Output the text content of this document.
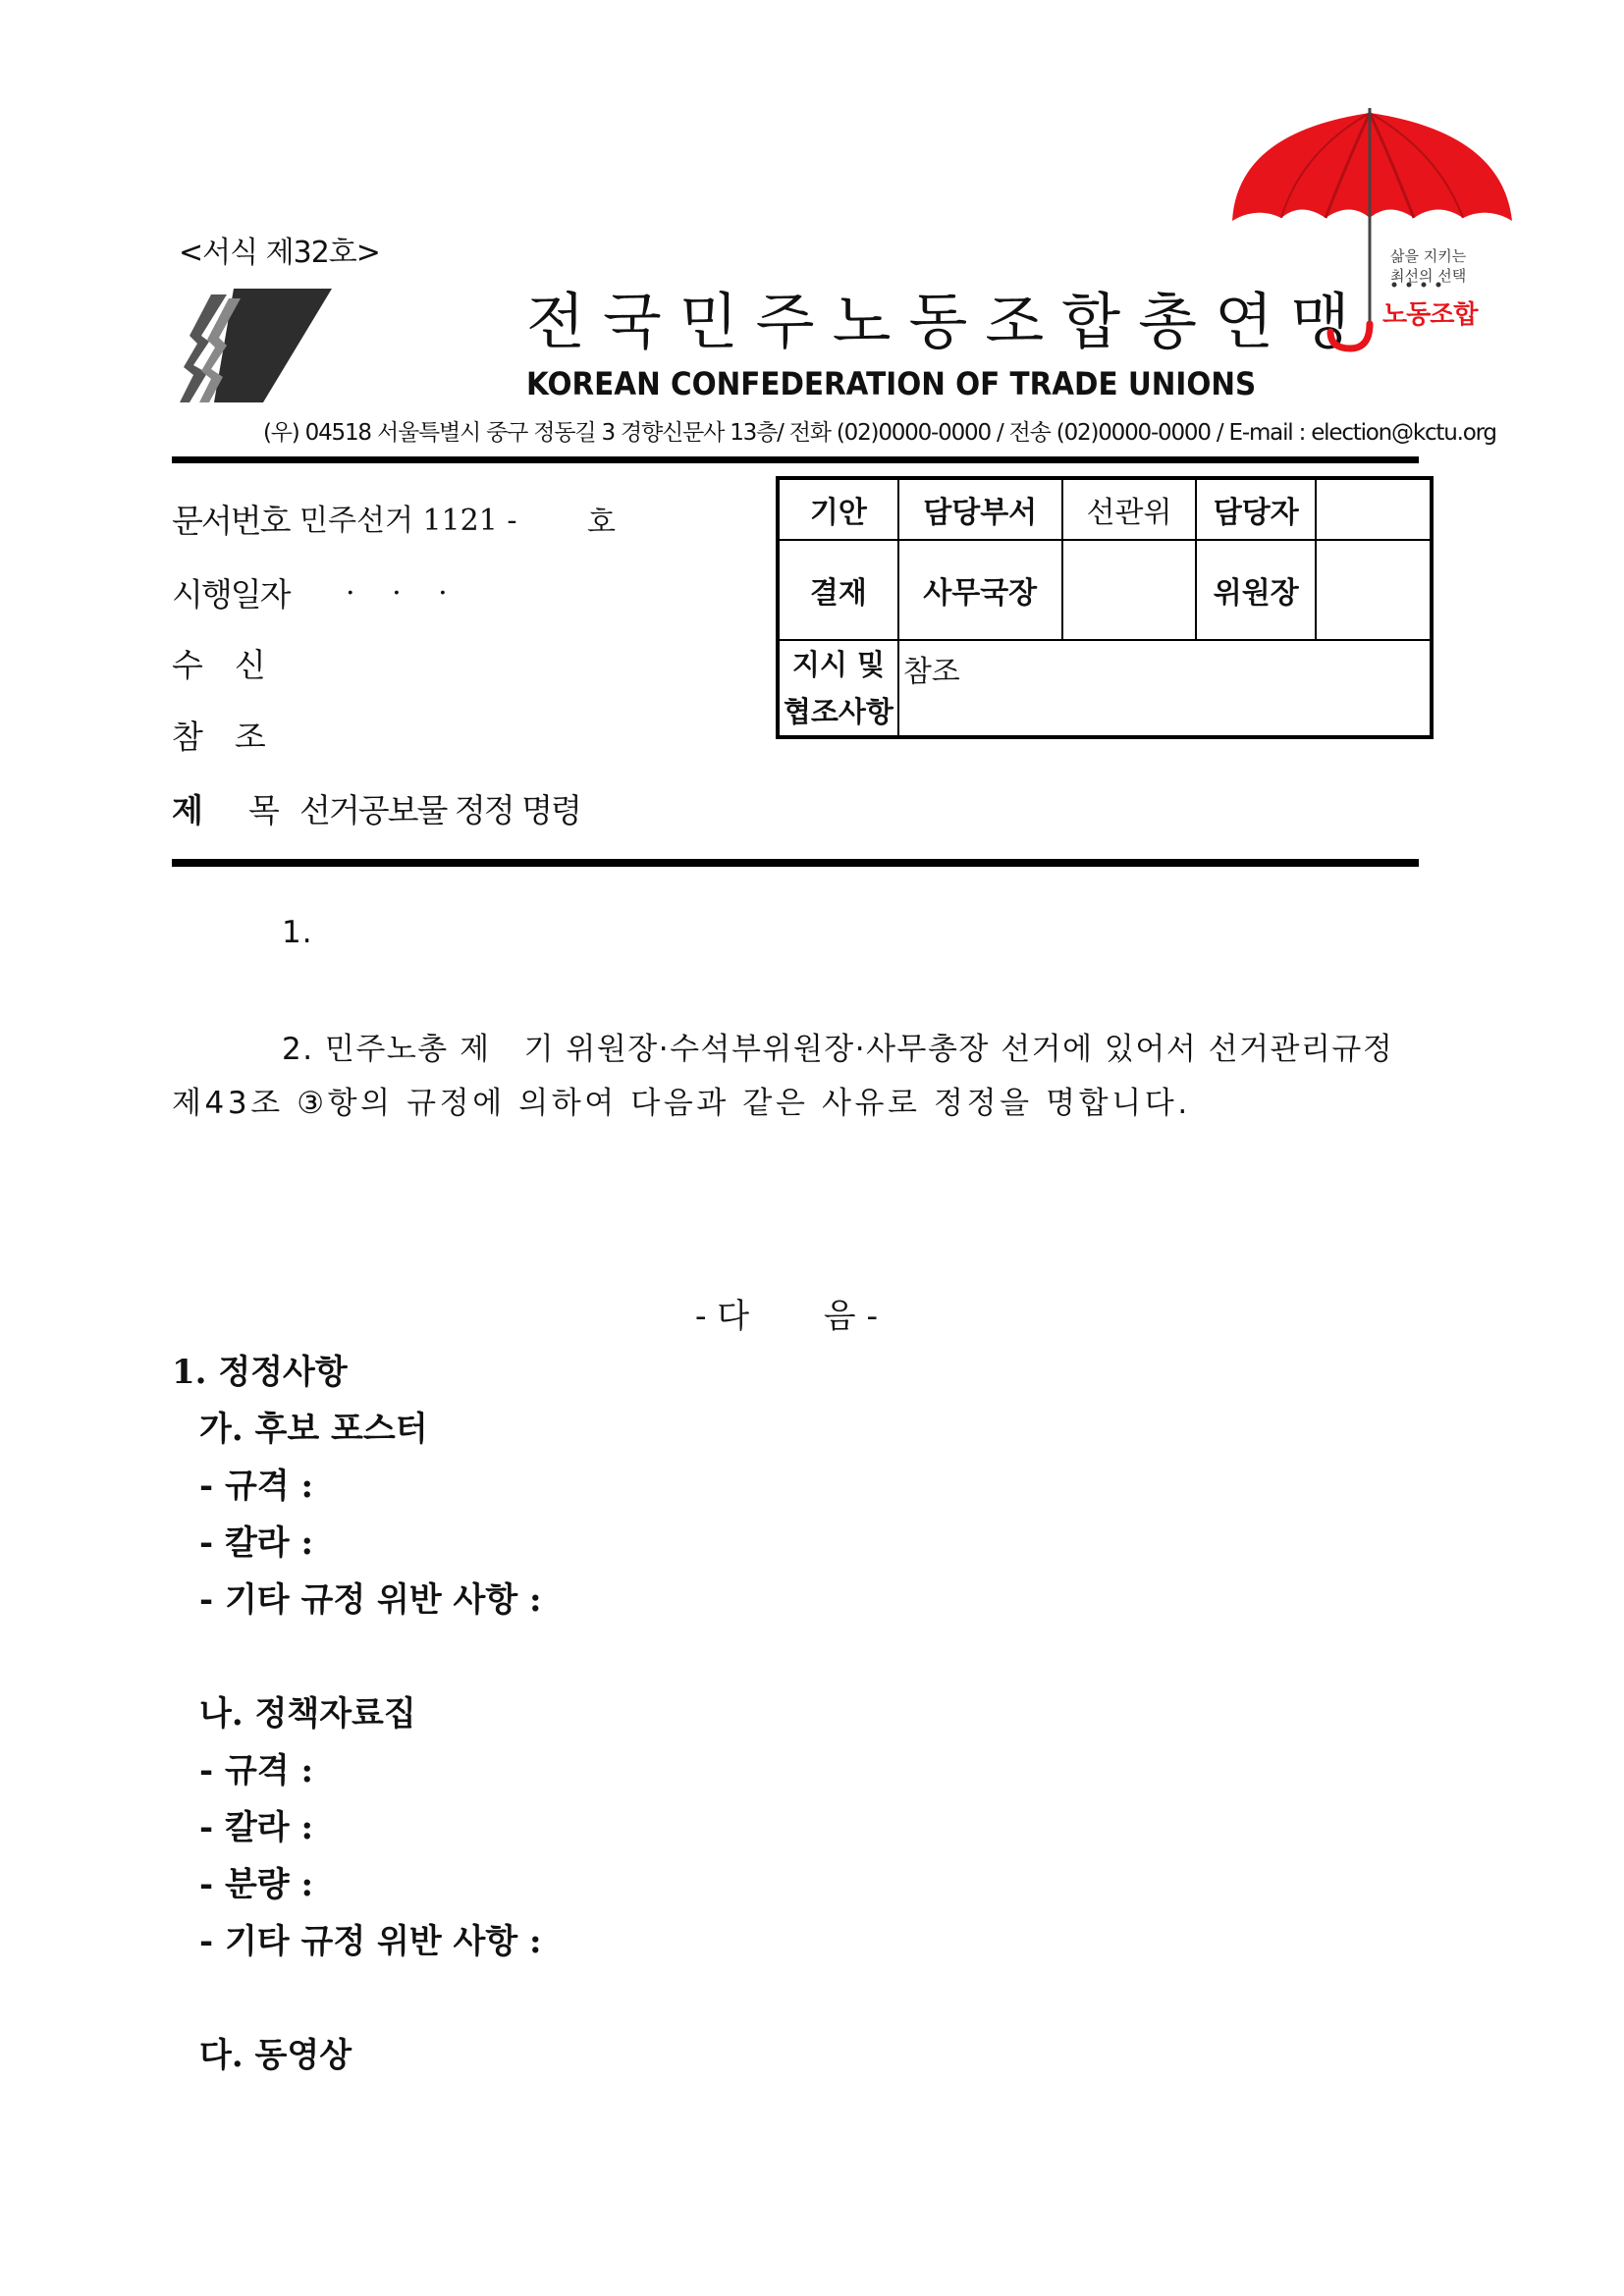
<서식 제32호>
전국민주노동조합총연맹
KOREAN CONFEDERATION OF TRADE UNIONS
(우) 04518 서울특별시 중구 정동길 3 경향신문사 13층/ 전화 (02)0000-0000 / 전송 (02)0000-0000 / E-mail : election@kctu.org
삶을 지키는
최선의 선택
노동조합
문서번호 민주선거 1121 - 호
시행일자 . . .
수    신
참    조
제 목 선거공보물 정정 명령
기안	담당부서	선관위	담당자	
결재	사무국장		위원장	
지시 및
협조사항	참조			
1.
2. 민주노총 제   기 위원장·수석부위원장·사무총장 선거에 있어서 선거관리규정
제43조 ③항의 규정에 의하여 다음과 같은 사유로 정정을 명합니다.
- 다       음 -
1. 정정사항
가. 후보 포스터
- 규격 :
- 칼라 :
- 기타 규정 위반 사항 :
나. 정책자료집
- 규격 :
- 칼라 :
- 분량 :
- 기타 규정 위반 사항 :
다. 동영상
